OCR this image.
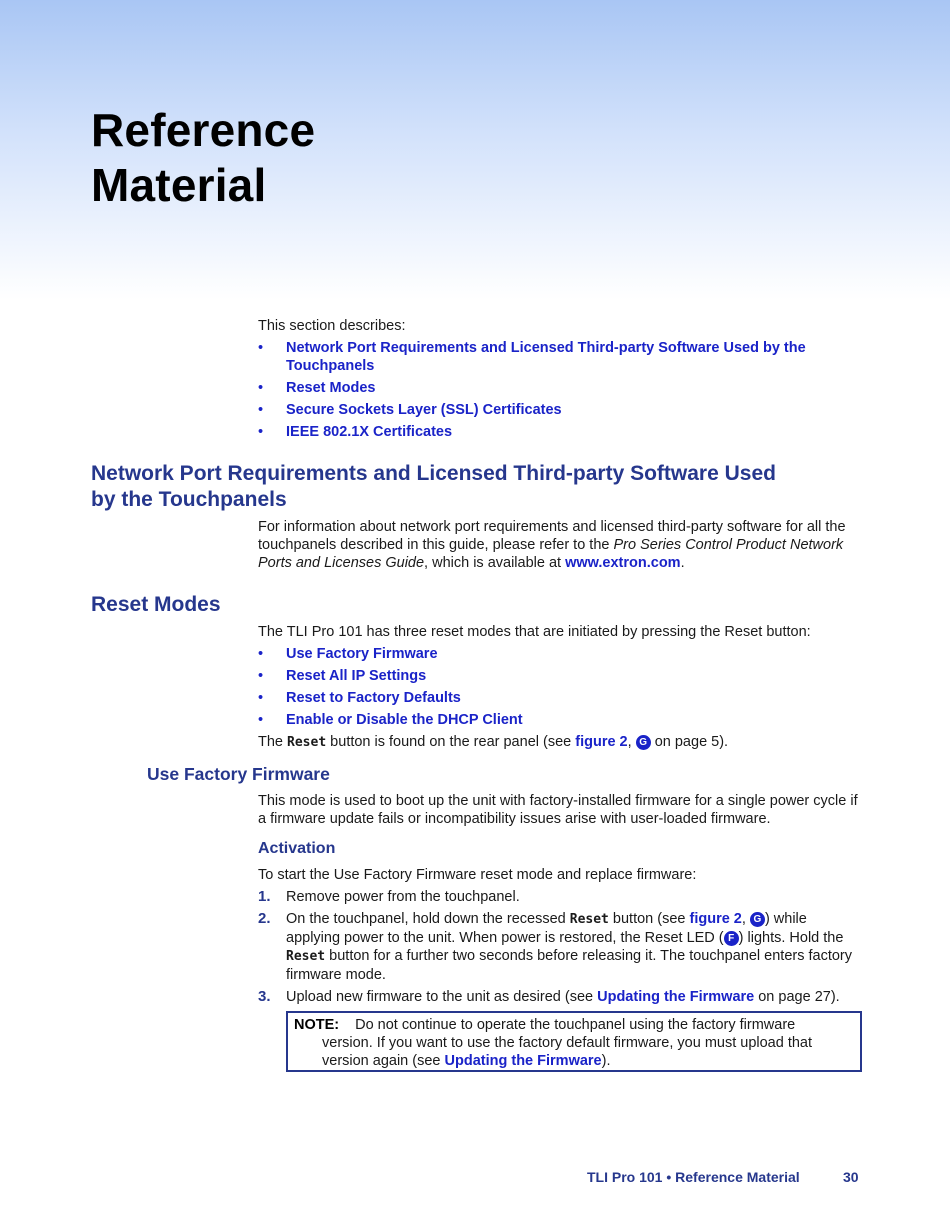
Reference
Material
This section describes:
• Network Port Requirements and Licensed Third-party Software Used by the Touchpanels
• Reset Modes
• Secure Sockets Layer (SSL) Certificates
• IEEE 802.1X Certificates
Network Port Requirements and Licensed Third-party Software Used
by the Touchpanels

For information about network port requirements and licensed third-party software for all the touchpanels described in this guide, please refer to the Pro Series Control Product Network Ports and Licenses Guide, which is available at www.extron.com.

Reset Modes
The TLI Pro 101 has three reset modes that are initiated by pressing the Reset button:
• Use Factory Firmware
• Reset All IP Settings
• Reset to Factory Defaults
• Enable or Disable the DHCP Client
The Reset button is found on the rear panel (see figure 2, G on page 5).
Use Factory Firmware

This mode is used to boot up the unit with factory-installed firmware for a single power cycle if a firmware update fails or incompatibility issues arise with user-loaded firmware.

Activation
To start the Use Factory Firmware reset mode and replace firmware:
1. Remove power from the touchpanel.
2. On the touchpanel, hold down the recessed Reset button (see figure 2, G ) while applying power to the unit. When power is restored, the Reset LED ( F ) lights. Hold the Reset button for a further two seconds before releasing it. The touchpanel enters factory firmware mode.
3. Upload new firmware to the unit as desired (see Updating the Firmware on page 27).
NOTE: Do not continue to operate the touchpanel using the factory firmware
version. If you want to use the factory default firmware, you must upload that
version again (see Updating the Firmware).
TLI Pro 101 • Reference Material	30
